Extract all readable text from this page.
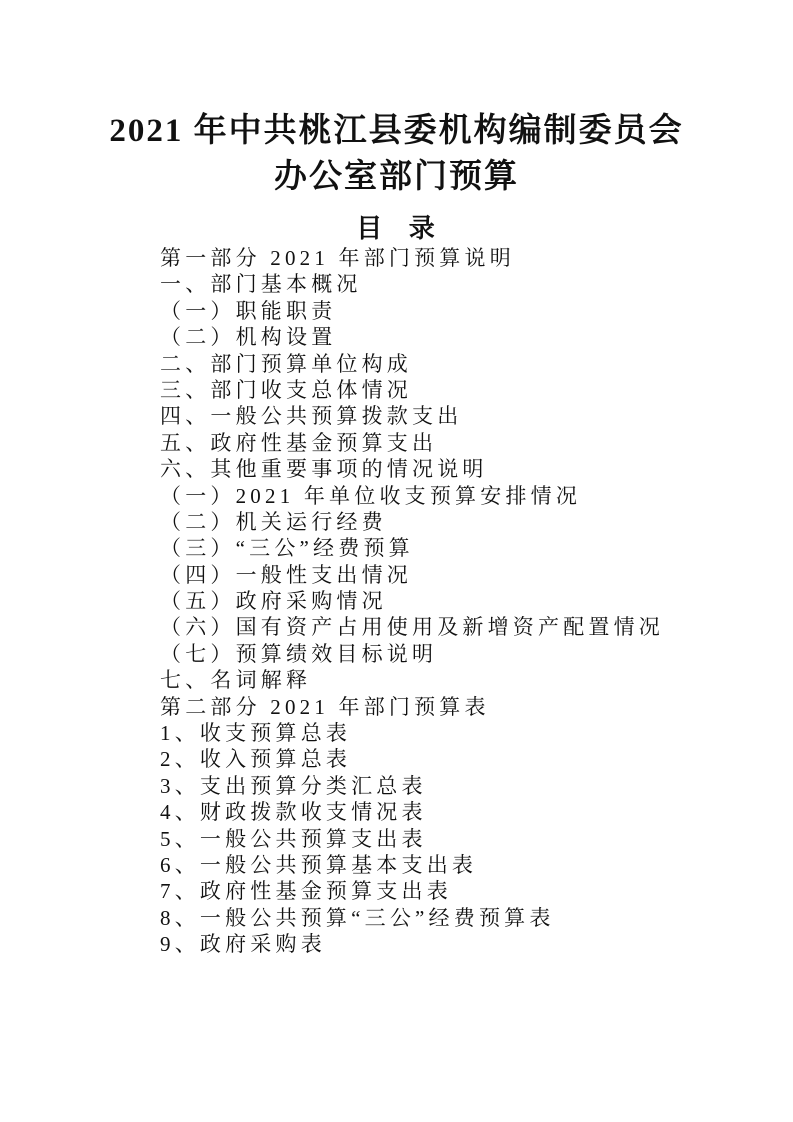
2021 年中共桃江县委机构编制委员会
办公室部门预算
目 录
第一部分 2021 年部门预算说明
一、部门基本概况
（一）职能职责
（二）机构设置
二、部门预算单位构成
三、部门收支总体情况
四、一般公共预算拨款支出
五、政府性基金预算支出
六、其他重要事项的情况说明
（一）2021 年单位收支预算安排情况
（二）机关运行经费
（三）“三公”经费预算
（四）一般性支出情况
（五）政府采购情况
（六）国有资产占用使用及新增资产配置情况
（七）预算绩效目标说明
七、名词解释
第二部分 2021 年部门预算表
1、收支预算总表
2、收入预算总表
3、支出预算分类汇总表
4、财政拨款收支情况表
5、一般公共预算支出表
6、一般公共预算基本支出表
7、政府性基金预算支出表
8、一般公共预算“三公”经费预算表
9、政府采购表
